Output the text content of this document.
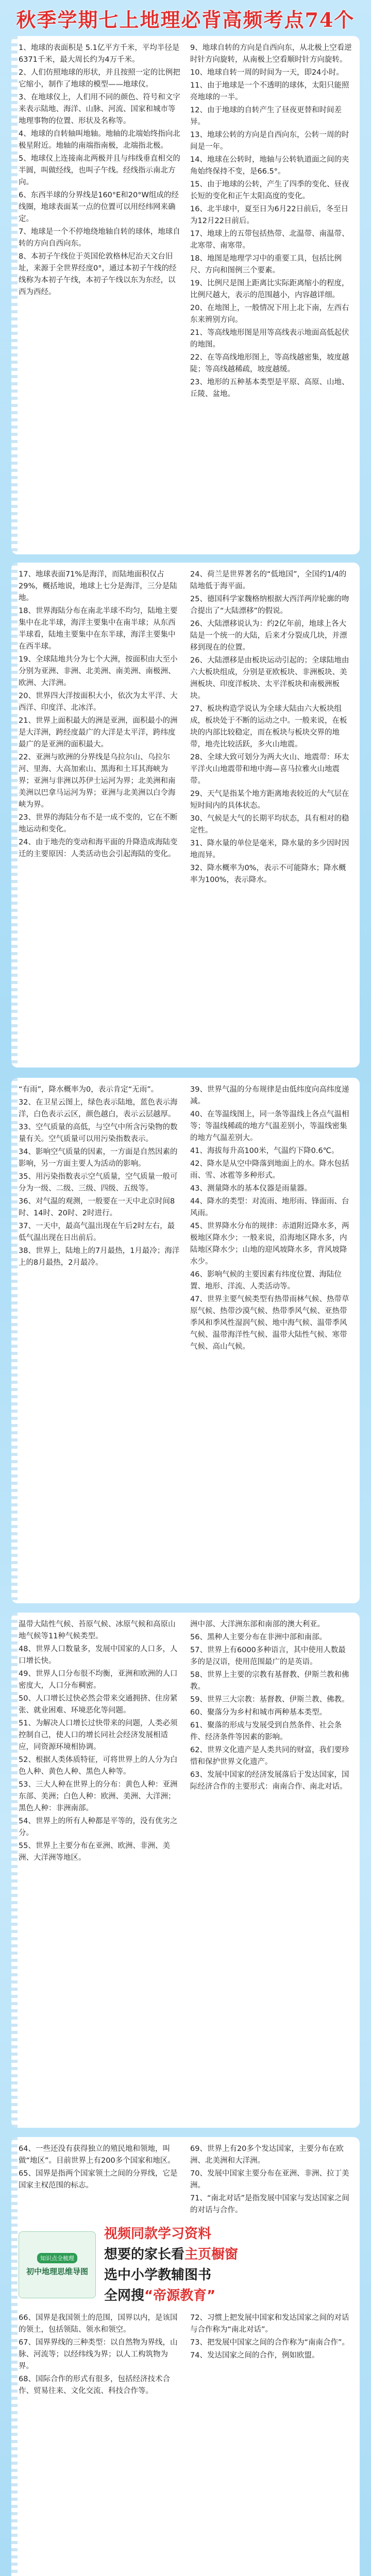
秋季学期七上地理必背高频考点74个
1、地球的表面积是 5.1亿平方千米，平均半径是6371千米，最大周长约为4万千米。
2、人们仿照地球的形状，并且按照一定的比例把它缩小，制作了地球的模型——地球仪。
3、在地球仪上，人们用不同的颜色、符号和文字来表示陆地、海洋、山脉、河流、国家和城市等地理事物的位置、形状及名称等。
4、地球的自转轴叫地轴。地轴的北端始终指向北极星附近。地轴的南端指南极，北端指北极。
5、地球仪上连接南北两极并且与纬线垂直相交的半圆，叫做经线，也叫子午线。经线指示南北方向。
6、东西半球的分界线是160°E和20°W组成的经线圈，地球表面某一点的位置可以用经纬网来确定。
7、地球是一个不停地绕地轴自转的球体，地球自转的方向自西向东。
8、本初子午线位于英国伦敦格林尼治天文台旧址，来源于全世界经度0°，通过本初子午线的经线称为本初子午线，本初子午线以东为东经，以西为西经。
9、地球自转的方向是自西向东，从北极上空看逆时针方向旋转，从南极上空看顺时针方向旋转。
10、地球自转一周的时间为一天，即24小时。
11、由于地球是一个不透明的球体，太阳只能照亮地球的一半。
12、由于地球的自转产生了昼夜更替和时间差异。
13、地球公转的方向是自西向东，公转一周的时间是一年。
14、地球在公转时，地轴与公转轨道面之间的夹角始终保持不变，是66.5°。
15、由于地球的公转，产生了四季的变化、昼夜长短的变化和正午太阳高度的变化。
16、北半球中，夏至日为6月22日前后，冬至日为12月22日前后。
17、地球上的五带包括热带、北温带、南温带、北寒带、南寒带。
18、地图是地理学习中的重要工具，包括比例尺、方向和图例三个要素。
19、比例尺是图上距离比实际距离缩小的程度，比例尺越大，表示的范围越小，内容越详细。
20、在地图上，一般情况下用上北下南，左西右东来辨别方向。
21、等高线地形图是用等高线表示地面高低起伏的地图。
22、在等高线地形图上，等高线越密集，坡度越陡；等高线越稀疏，坡度越缓。
23、地形的五种基本类型是平原、高原、山地、丘陵、盆地。
17、地球表面71%是海洋，而陆地面积仅占29%，概括地说，地球上七分是海洋，三分是陆地。
18、世界海陆分布在南北半球不均匀，陆地主要集中在北半球，海洋主要集中在南半球；从东西半球看，陆地主要集中在东半球，海洋主要集中在西半球。
19、全球陆地共分为七个大洲，按面积由大至小分别为亚洲、非洲、北美洲、南美洲、南极洲、欧洲、大洋洲。
20、世界四大洋按面积大小，依次为太平洋、大西洋、印度洋、北冰洋。
21、世界上面积最大的洲是亚洲，面积最小的洲是大洋洲，跨经度最广的大洋是太平洋，跨纬度最广的是亚洲的面积最大。
22、亚洲与欧洲的分界线是乌拉尔山、乌拉尔河、里海、大高加索山、黑海和土耳其海峡为界；亚洲与非洲以苏伊士运河为界；北美洲和南美洲以巴拿马运河为界；亚洲与北美洲以白令海峡为界。
23、世界的海陆分布不是一成不变的，它在不断地运动和变化。
24、由于地壳的变动和海平面的升降造成海陆变迁的主要原因：人类活动也会引起海陆的变化。
24、荷兰是世界著名的“低地国”，全国约1/4的陆地低于海平面。
25、德国科学家魏格纳根据大西洋两岸轮廓的吻合提出了“大陆漂移”的假说。
26、大陆漂移说认为：约2亿年前，地球上各大陆是一个统一的大陆，后来才分裂成几块，并漂移到现在的位置。
26、大陆漂移是由板块运动引起的；全球陆地由六大板块组成，分别是亚欧板块、非洲板块、美洲板块、印度洋板块、太平洋板块和南极洲板块。
27、板块构造学说认为全球大陆由六大板块组成，板块处于不断的运动之中。一般来说，在板块的内部比较稳定，而在板块与板块交界的地带，地壳比较活跃，多火山地震。
28、全球大致可划分为两大火山、地震带：环太平洋火山地震带和地中海—喜马拉雅火山地震带。
29、天气是指某个地方距离地表较近的大气层在短时间内的具体状态。
30、气候是大气的长期平均状态，具有相对的稳定性。
31、降水量的单位是毫米，降水量的多少因时因地而异。
32、降水概率为0%，表示不可能降水；降水概率为100%，表示降水。
“有雨”，降水概率为0，表示肯定“无雨”。
32、在卫星云图上，绿色表示陆地，蓝色表示海洋，白色表示云区，颜色越白，表示云层越厚。
33、空气质量的高低，与空气中所含污染物的数量有关。空气质量可以用污染指数表示。
34、影响空气质量的因素，一方面是自然因素的影响，另一方面主要人为活动的影响。
35、用污染指数表示空气质量，空气质量一般可分为一级、二级、三级、四级、五级等。
36、对气温的观测，一般要在一天中北京时间8时、14时、20时、2时进行。
37、一天中，最高气温出现在午后2时左右，最低气温出现在日出前后。
38、世界上，陆地上的7月最热，1月最冷；海洋上的8月最热，2月最冷。
39、世界气温的分布规律是由低纬度向高纬度递减。
40、在等温线图上，同一条等温线上各点气温相等；等温线稀疏的地方气温差别小，等温线密集的地方气温差别大。
41、海拔每升高100米，气温约下降0.6℃。
42、降水是从空中降落到地面上的水。降水包括雨、雪、冰雹等多种形式。
43、测量降水的基本仪器是雨量器。
44、降水的类型：对流雨、地形雨、锋面雨、台风雨。
45、世界降水分布的规律：赤道附近降水多，两极地区降水少；一般来说，沿海地区降水多，内陆地区降水少；山地的迎风坡降水多，背风坡降水少。
46、影响气候的主要因素有纬度位置、海陆位置、地形、洋流、人类活动等。
47、世界主要气候类型有热带雨林气候、热带草原气候、热带沙漠气候、热带季风气候、亚热带季风和季风性湿润气候、地中海气候、温带季风气候、温带海洋性气候、温带大陆性气候、寒带气候、高山气候。
温带大陆性气候、苔原气候、冰原气候和高原山地气候等11种气候类型。
48、世界人口数量多，发展中国家的人口多，人口增长快。
49、世界人口分布很不均衡，亚洲和欧洲的人口密度大，人口分布稠密。
50、人口增长过快必然会带来交通拥挤、住房紧张、就业困难、环境恶化等问题。
51、为解决人口增长过快带来的问题，人类必须控制自己，使人口的增长同社会经济发展相适应，同资源环境相协调。
52、根据人类体质特征，可将世界上的人分为白色人种、黄色人种、黑色人种等。
53、三大人种在世界上的分布：黄色人种：亚洲东部、美洲；白色人种：欧洲、美洲、大洋洲；黑色人种：非洲南部。
54、世界上的所有人种都是平等的，没有优劣之分。
55、世界上主要分布在亚洲、欧洲、非洲、美洲、大洋洲等地区。
洲中部、大洋洲东部和南部的澳大利亚。
56、黑种人主要分布在非洲中部和南部。
57、世界上有6000多种语言，其中使用人数最多的是汉语，使用范围最广的是英语。
58、世界上主要的宗教有基督教、伊斯兰教和佛教。
59、世界三大宗教：基督教、伊斯兰教、佛教。
60、聚落分为乡村和城市两种基本类型。
61、聚落的形成与发展受到自然条件、社会条件、经济条件等因素的影响。
62、世界文化遗产是人类共同的财富，我们要珍惜和保护世界文化遗产。
63、发展中国家的经济发展落后于发达国家，国际经济合作的主要形式：南南合作、南北对话。
64、一些还没有获得独立的殖民地和领地，叫做“地区”。目前世界上有200多个国家和地区。
65、国界是指两个国家领土之间的分界线，它是国家主权范围的标志。
69、世界上有20多个发达国家，主要分布在欧洲、北美洲和大洋洲。
70、发展中国家主要分布在亚洲、非洲、拉丁美洲。
71、“南北对话”是指发展中国家与发达国家之间的对话与合作。
知识点全梳理
初中地理思维导图
视频同款学习资料
想要的家长看主页橱窗
选中小学教辅图书
全网搜“帝源教育”
66、国界是我国领土的范围，国界以内，是该国的领土，包括领陆、领水和领空。
67、国界界线的三种类型：以自然物为界线，山脉、河流等；以经纬线为界；以人工构筑物为界。
68、国际合作的形式有很多，包括经济技术合作、贸易往来、文化交流、科技合作等。
72、习惯上把发展中国家和发达国家之间的对话与合作称为“南北对话”。
73、把发展中国家之间的合作称为“南南合作”。
74、发达国家之间的合作，例如欧盟。
